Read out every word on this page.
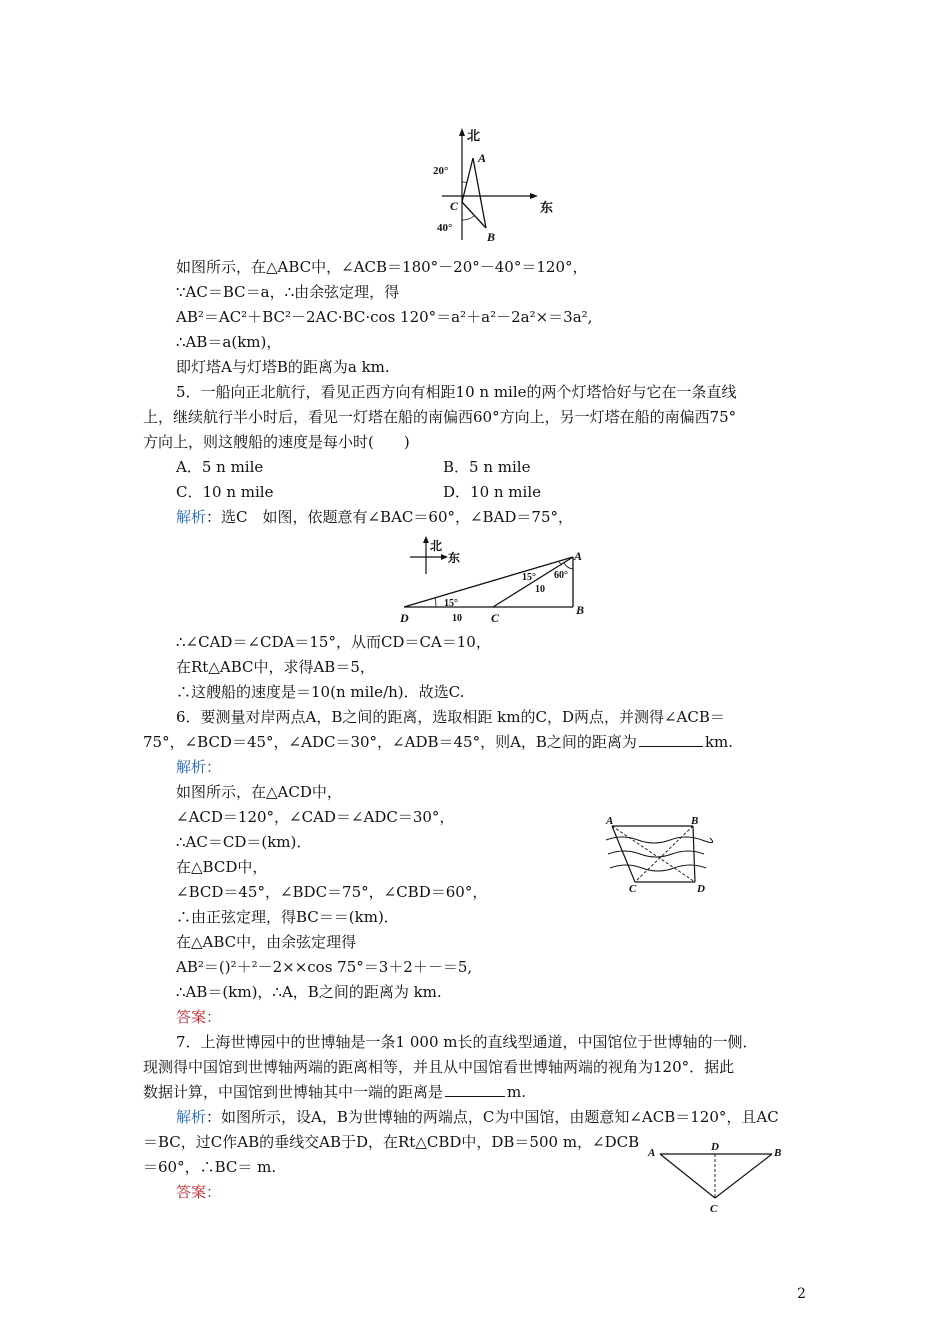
北
东
20°
40°
A
B
C
如图所示，在△ABC中，∠ACB＝180°－20°－40°＝120°，
∵AC＝BC＝a，∴由余弦定理，得
AB²＝AC²＋BC²－2AC·BC·cos 120°＝a²＋a²－2a²×＝3a²,
∴AB＝a(km)，
即灯塔A与灯塔B的距离为a km.
5．一船向正北航行，看见正西方向有相距10 n mile的两个灯塔恰好与它在一条直线
上，继续航行半小时后，看见一灯塔在船的南偏西60°方向上，另一灯塔在船的南偏西75°
方向上，则这艘船的速度是每小时(　　)
A．5 n mile	B．5 n mile
C．10 n mile	D．10 n mile
解析：选C　如图，依题意有∠BAC＝60°，∠BAD＝75°，
北
东
15° 60°
10
15°
10
A
B
C
D
∴∠CAD＝∠CDA＝15°，从而CD＝CA＝10，
在Rt△ABC中，求得AB＝5，
∴这艘船的速度是＝10(n mile/h)．故选C.
6．要测量对岸两点A，B之间的距离，选取相距 km的C，D两点，并测得∠ACB＝
75°，∠BCD＝45°，∠ADC＝30°，∠ADB＝45°，则A，B之间的距离为	km.
解析：
如图所示，在△ACD中，
∠ACD＝120°，∠CAD＝∠ADC＝30°，
∴AC＝CD＝(km)．
在△BCD中，
∠BCD＝45°，∠BDC＝75°，∠CBD＝60°，
∴由正弦定理，得BC＝＝(km)．
在△ABC中，由余弦定理得
AB²＝()²＋²－2××cos 75°＝3＋2＋－＝5,
∴AB＝(km)，∴A，B之间的距离为 km.
答案：
A	B
C	D
7．上海世博园中的世博轴是一条1 000 m长的直线型通道，中国馆位于世博轴的一侧．
现测得中国馆到世博轴两端的距离相等，并且从中国馆看世博轴两端的视角为120°．据此
数据计算，中国馆到世博轴其中一端的距离是	m.
解析：如图所示，设A，B为世博轴的两端点，C为中国馆，由题意知∠ACB＝120°，且AC
＝BC，过C作AB的垂线交AB于D，在Rt△CBD中，DB＝500 m，∠DCB
＝60°，∴BC＝ m.
答案：
A	B
C
D
2
